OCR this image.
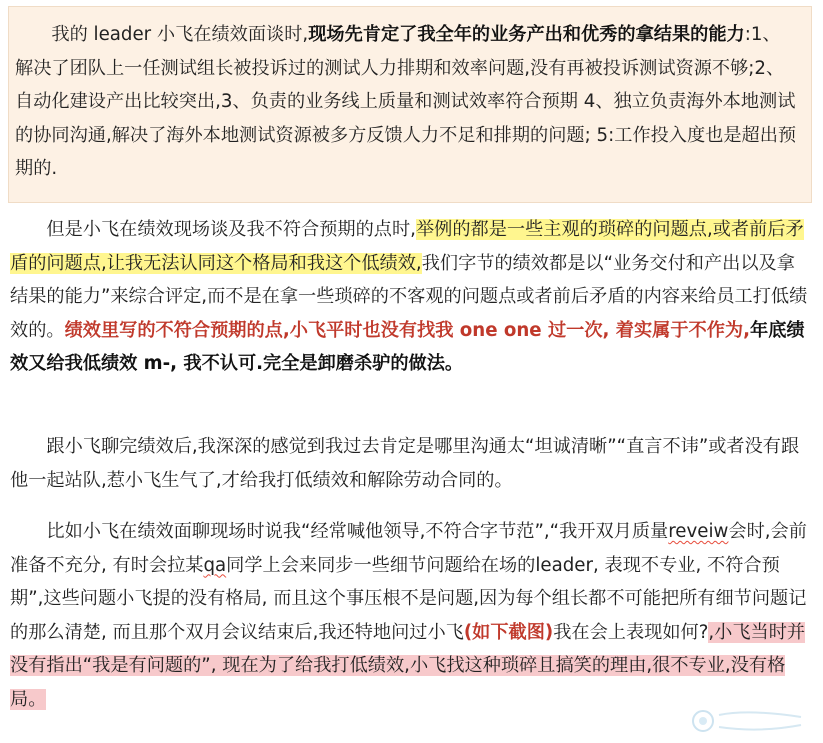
我的 leader 小飞在绩效面谈时,现场先肯定了我全年的业务产出和优秀的拿结果的能力:1、解决了团队上一任测试组长被投诉过的测试人力排期和效率问题,没有再被投诉测试资源不够;2、自动化建设产出比较突出,3、负责的业务线上质量和测试效率符合预期 4、独立负责海外本地测试的协同沟通,解决了海外本地测试资源被多方反馈人力不足和排期的问题; 5:工作投入度也是超出预期的.

但是小飞在绩效现场谈及我不符合预期的点时,举例的都是一些主观的琐碎的问题点,或者前后矛盾的问题点,让我无法认同这个格局和我这个低绩效,我们字节的绩效都是以“业务交付和产出以及拿结果的能力”来综合评定,而不是在拿一些琐碎的不客观的问题点或者前后矛盾的内容来给员工打低绩效的。绩效里写的不符合预期的点,小飞平时也没有找我 one one 过一次, 着实属于不作为,年底绩效又给我低绩效 m-, 我不认可.完全是卸磨杀驴的做法。

跟小飞聊完绩效后,我深深的感觉到我过去肯定是哪里沟通太“坦诚清晰”“直言不讳”或者没有跟他一起站队,惹小飞生气了,才给我打低绩效和解除劳动合同的。

比如小飞在绩效面聊现场时说我“经常喊他领导,不符合字节范”,“我开双月质量reveiw会时,会前准备不充分, 有时会拉某qa同学上会来同步一些细节问题给在场的leader, 表现不专业, 不符合预期”,这些问题小飞提的没有格局, 而且这个事压根不是问题,因为每个组长都不可能把所有细节问题记的那么清楚, 而且那个双月会议结束后,我还特地问过小飞(如下截图)我在会上表现如何?,小飞当时并没有指出“我是有问题的”, 现在为了给我打低绩效,小飞找这种琐碎且搞笑的理由,很不专业,没有格局。
